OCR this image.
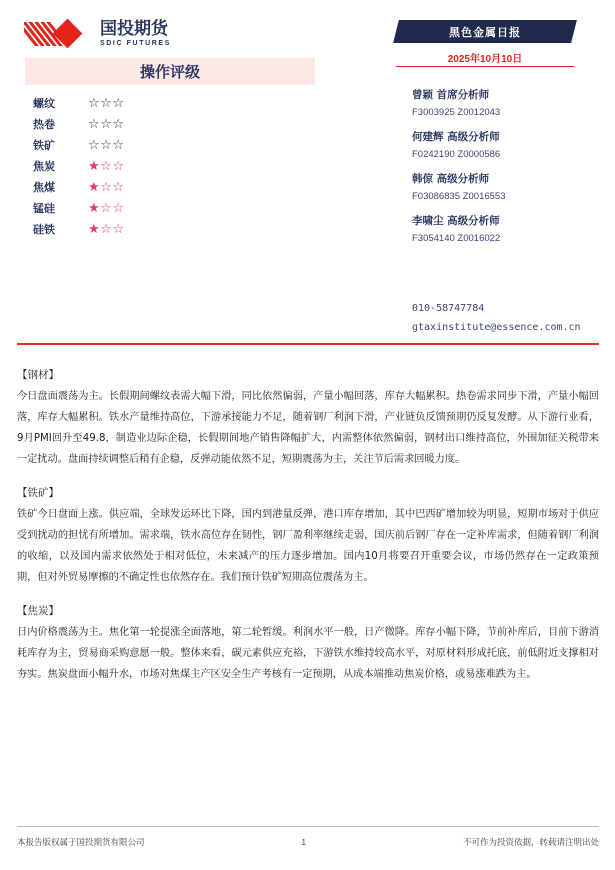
国投期货
SDIC FUTURES
操作评级
螺纹	☆☆☆
热卷	☆☆☆
铁矿	☆☆☆
焦炭	★☆☆
焦煤	★☆☆
锰硅	★☆☆
硅铁	★☆☆
黑色金属日报
2025年10月10日
曾颖 首席分析师
F3003925 Z0012043
何建辉 高级分析师
F0242190 Z0000586
韩倞 高级分析师
F03086835 Z0016553
李啸尘 高级分析师
F3054140 Z0016022
010-58747784
gtaxinstitute@essence.com.cn
【钢材】
今日盘面震荡为主。长假期间螺纹表需大幅下滑，同比依然偏弱，产量小幅回落，库存大幅累积。热卷需求同步下滑，产量小幅回落，库存大幅累积。铁水产量维持高位，下游承接能力不足，随着钢厂利润下滑，产业链负反馈预期仍反复发酵。从下游行业看，9月PMI回升至49.8，制造业边际企稳，长假期间地产销售降幅扩大，内需整体依然偏弱，钢材出口维持高位，外围加征关税带来一定扰动。盘面持续调整后稍有企稳，反弹动能依然不足，短期震荡为主，关注节后需求回暖力度。
【铁矿】
铁矿今日盘面上涨。供应端，全球发运环比下降，国内到港量反弹，港口库存增加，其中巴西矿增加较为明显，短期市场对于供应受到扰动的担忧有所增加。需求端，铁水高位存在韧性，钢厂盈利率继续走弱，国庆前后钢厂存在一定补库需求，但随着钢厂利润的收缩，以及国内需求依然处于相对低位，未来减产的压力逐步增加。国内10月将要召开重要会议，市场仍然存在一定政策预期，但对外贸易摩擦的不确定性也依然存在。我们预计铁矿短期高位震荡为主。
【焦炭】
日内价格震荡为主。焦化第一轮提涨全面落地，第二轮暂缓。利润水平一般，日产微降。库存小幅下降，节前补库后，目前下游消耗库存为主，贸易商采购意愿一般。整体来看，碳元素供应充裕，下游铁水维持较高水平，对原材料形成托底，前低附近支撑相对夯实。焦炭盘面小幅升水，市场对焦煤主产区安全生产考核有一定预期，从成本端推动焦炭价格，或易涨难跌为主。
本报告版权属于国投期货有限公司	1	不可作为投资依据，转载请注明出处
